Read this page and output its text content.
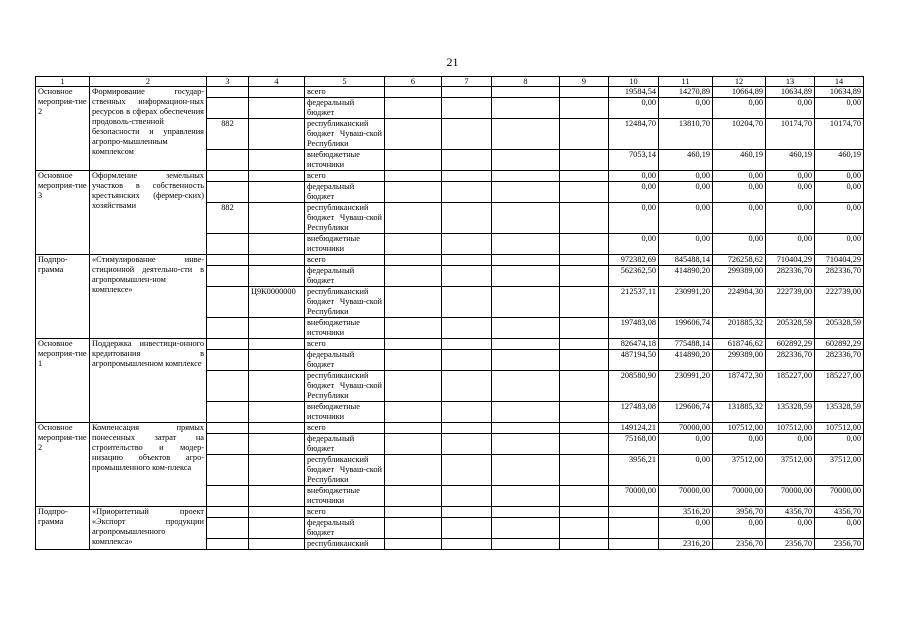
21
1	2	3	4	5	6	7	8	9	10	11	12	13	14
Основное мероприя-тие 2	Формирование государ-ственных информацион-ных ресурсов в сферах обеспечения продоволь-ственной безопасности и управления агропро-мышленным комплексом			всего					19584,54	14270,89	10664,89	10634,89	10634,89
				федеральный бюджет					0,00	0,00	0,00	0,00	0,00
		882		республиканский бюджет Чуваш-ской Республики					12484,70	13810,70	10204,70	10174,70	10174,70
				внебюджетные источники					7053,14	460,19	460,19	460,19	460,19
Основное мероприя-тие 3	Оформление земельных участков в собственность крестьянских (фермер-ских) хозяйствами			всего					0,00	0,00	0,00	0,00	0,00
				федеральный бюджет					0,00	0,00	0,00	0,00	0,00
		882		республиканский бюджет Чуваш-ской Республики					0,00	0,00	0,00	0,00	0,00
				внебюджетные источники					0,00	0,00	0,00	0,00	0,00
Подпро-грамма	«Стимулирование инве-стиционной деятельно-сти в агропромышлен-ном комплексе»			всего					972382,69	845488,14	726258,62	710404,29	710404,29
				федеральный бюджет					562362,50	414890,20	299389,00	282336,70	282336,70
			Ц9К0000000	республиканский бюджет Чуваш-ской Республики					212537,11	230991,20	224984,30	222739,00	222739,00
				внебюджетные источники					197483,08	199606,74	201885,32	205328,59	205328,59
Основное мероприя-тие 1	Поддержка инвестици-онного кредитования в агропромышленном комплексе			всего					826474,18	775488,14	618746,62	602892,29	602892,29
				федеральный бюджет					487194,50	414890,20	299389,00	282336,70	282336,70
				республиканский бюджет Чуваш-ской Республики					208580,90	230991,20	187472,30	185227,00	185227,00
				внебюджетные источники					127483,08	129606,74	131885,32	135328,59	135328,59
Основное мероприя-тие 2	Компенсация прямых понесенных затрат на строительство и модер-низацию объектов агро-промышленного ком-плекса			всего					149124,21	70000,00	107512,00	107512,00	107512,00
				федеральный бюджет					75168,00	0,00	0,00	0,00	0,00
				республиканский бюджет Чуваш-ской Республики					3956,21	0,00	37512,00	37512,00	37512,00
				внебюджетные источники					70000,00	70000,00	70000,00	70000,00	70000,00
Подпро-грамма	«Приоритетный проект «Экспорт продукции агропромышленного комплекса»			всего						3516,20	3956,70	4356,70	4356,70
				федеральный бюджет						0,00	0,00	0,00	0,00
				республиканский						2316,20	2356,70	2356,70	2356,70
